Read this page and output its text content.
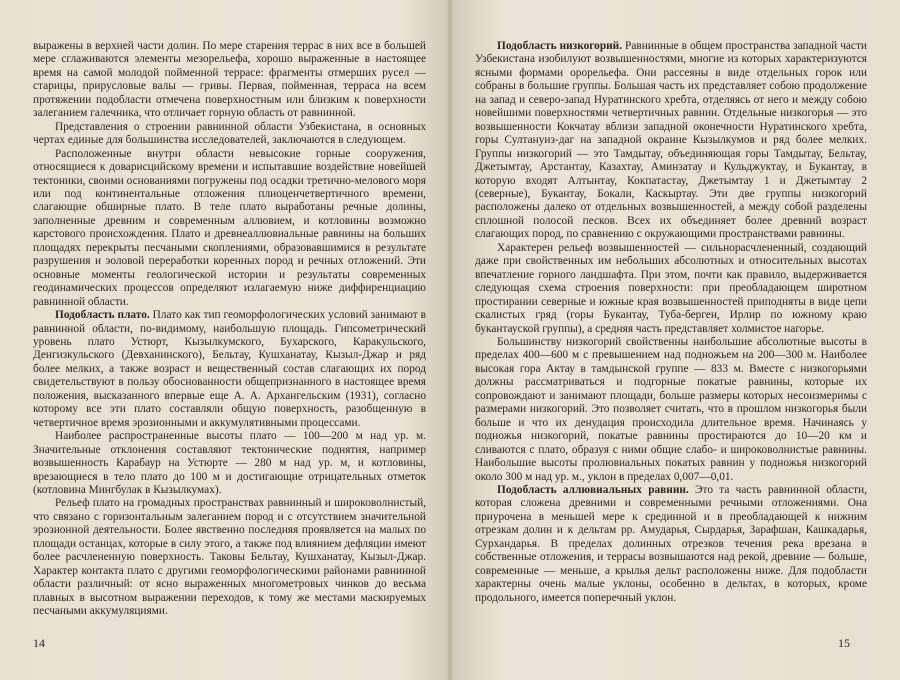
выражены в верхней части долин. По мере старения террас в них все в большей мере сглаживаются элементы мезорельефа, хорошо выраженные в настоящее время на самой молодой пойменной террасе: фрагменты отмерших русел — старицы, прирусловые валы — гривы. Первая, пойменная, терраса на всем протяжении подобласти отмечена поверхностным или близким к поверхности залеганием галечника, что отличает горную область от равнинной.

Представления о строении равнинной области Узбекистана, в основных чертах единые для большинства исследователей, заключаются в следующем.

Расположенные внутри области невысокие горные сооружения, относящиеся к доварисцийскому времени и испытавшие воздействие новейшей тектоники, своими основаниями погружены под осадки третично-мелового моря или под континентальные отложения плиоценчетвертичного времени, слагающие обширные плато. В теле плато выработаны речные долины, заполненные древним и современным аллювием, и котловины возможно карстового происхождения. Плато и древнеаллювиальные равнины на больших площадях перекрыты песчаными скоплениями, образовавшимися в результате разрушения и эоловой переработки коренных пород и речных отложений. Эти основные моменты геологической истории и результаты современных геодинамических процессов определяют излагаемую ниже диффиренциацию равнинной области.

Подобласть плато. Плато как тип геоморфологических условий занимают в равнинной области, по-видимому, наибольшую площадь. Гипсометрический уровень плато Устюрт, Кызылкумского, Бухарского, Каракульского, Денгизкульского (Девханинского), Бельтау, Кушханатау, Кызыл-Джар и ряд более мелких, а также возраст и вещественный состав слагающих их пород свидетельствуют в пользу обоснованности общепризнанного в настоящее время положения, высказанного впервые еще А. А. Архангельским (1931), согласно которому все эти плато составляли общую поверхность, разобщенную в четвертичное время эрозионными и аккумулятивными процессами.

Наиболее распространенные высоты плато — 100—200 м над ур. м. Значительные отклонения составляют тектонические поднятия, например возвышенность Карабаур на Устюрте — 280 м над ур. м, и котловины, врезающиеся в тело плато до 100 м и достигающие отрицательных отметок (котловина Мингбулак в Кызылкумах).

Рельеф плато на громадных пространствах равнинный и широковолнистый, что связано с горизонтальным залеганием пород и с отсутствием значительной эрозионной деятельности. Более явственно последняя проявляется на малых по площади останцах, которые в силу этого, а также под влиянием дефляции имеют более расчлененную поверхность. Таковы Бельтау, Кушханатау, Кызыл-Джар. Характер контакта плато с другими геоморфологическими районами равнинной области различный: от ясно выраженных многометровых чинков до весьма плавных в высотном выражении переходов, к тому же местами маскируемых песчаными аккумуляциями.

14

Подобласть низкогорий. Равнинные в общем пространства западной части Узбекистана изобилуют возвышенностями, многие из которых характеризуются ясными формами орорельефа. Они рассеяны в виде отдельных горок или собраны в большие группы. Большая часть их представляет собою продолжение на запад и северо-запад Нуратинского хребта, отделяясь от него и между собою новейшими поверхностями четвертичных равнин. Отдельные низкогорья — это возвышенности Кокчатау вблизи западной оконечности Нуратинского хребта, горы Султануиз-даг на западной окраине Кызылкумов и ряд более мелких. Группы низкогорий — это Тамдытау, объединяющая горы Тамдытау, Бельтау, Джетымтау, Арстантау, Казахтау, Аминзатау и Кульджуктау, и Букантау, в которую входят Алтынтау, Кокпатастау, Джетымтау 1 и Джетымтау 2 (северные), Букантау, Бокали, Каскыртау. Эти две группы низкогорий расположены далеко от отдельных возвышенностей, а между собой разделены сплошной полосой песков. Всех их объединяет более древний возраст слагающих пород, по сравнению с окружающими пространствами равнины.

Характерен рельеф возвышенностей — сильнорасчлененный, создающий даже при свойственных им небольших абсолютных и относительных высотах впечатление горного ландшафта. При этом, почти как правило, выдерживается следующая схема строения поверхности: при преобладающем широтном простирании северные и южные края возвышенностей приподняты в виде цепи скалистых гряд (горы Букантау, Туба-берген, Ирлир по южному краю букантауской группы), а средняя часть представляет холмистое нагорье.

Большинству низкогорий свойственны наибольшие абсолютные высоты в пределах 400—600 м с превышением над подножьем на 200—300 м. Наиболее высокая гора Актау в тамдынской группе — 833 м. Вместе с низкогорьями должны рассматриваться и подгорные покатые равнины, которые их сопровождают и занимают площади, больше размеры которых несоизмеримы с размерами низкогорий. Это позволяет считать, что в прошлом низкогорья были больше и что их денудация происходила длительное время. Начинаясь у подножья низкогорий, покатые равнины простираются до 10—20 км и сливаются с плато, образуя с ними общие слабо- и широковолнистые равнины. Наибольшие высоты пролювиальных покатых равнин у подножья низкогорий около 300 м над ур. м., уклон в пределах 0,007—0,01.

Подобласть аллювиальных равнин. Это та часть равнинной области, которая сложена древними и современными речными отложениями. Она приурочена в меньшей мере к срединной и в преобладающей к нижним отрезкам долин и к дельтам рр. Амударья, Сырдарья, Зарафшан, Кашкадарья, Сурхандарья. В пределах долинных отрезков течения река врезана в собственные отложения, и террасы возвышаются над рекой, древние — больше, современные — меньше, а крылья дельт расположены ниже. Для подобласти характерны очень малые уклоны, особенно в дельтах, в которых, кроме продольного, имеется поперечный уклон.

15
